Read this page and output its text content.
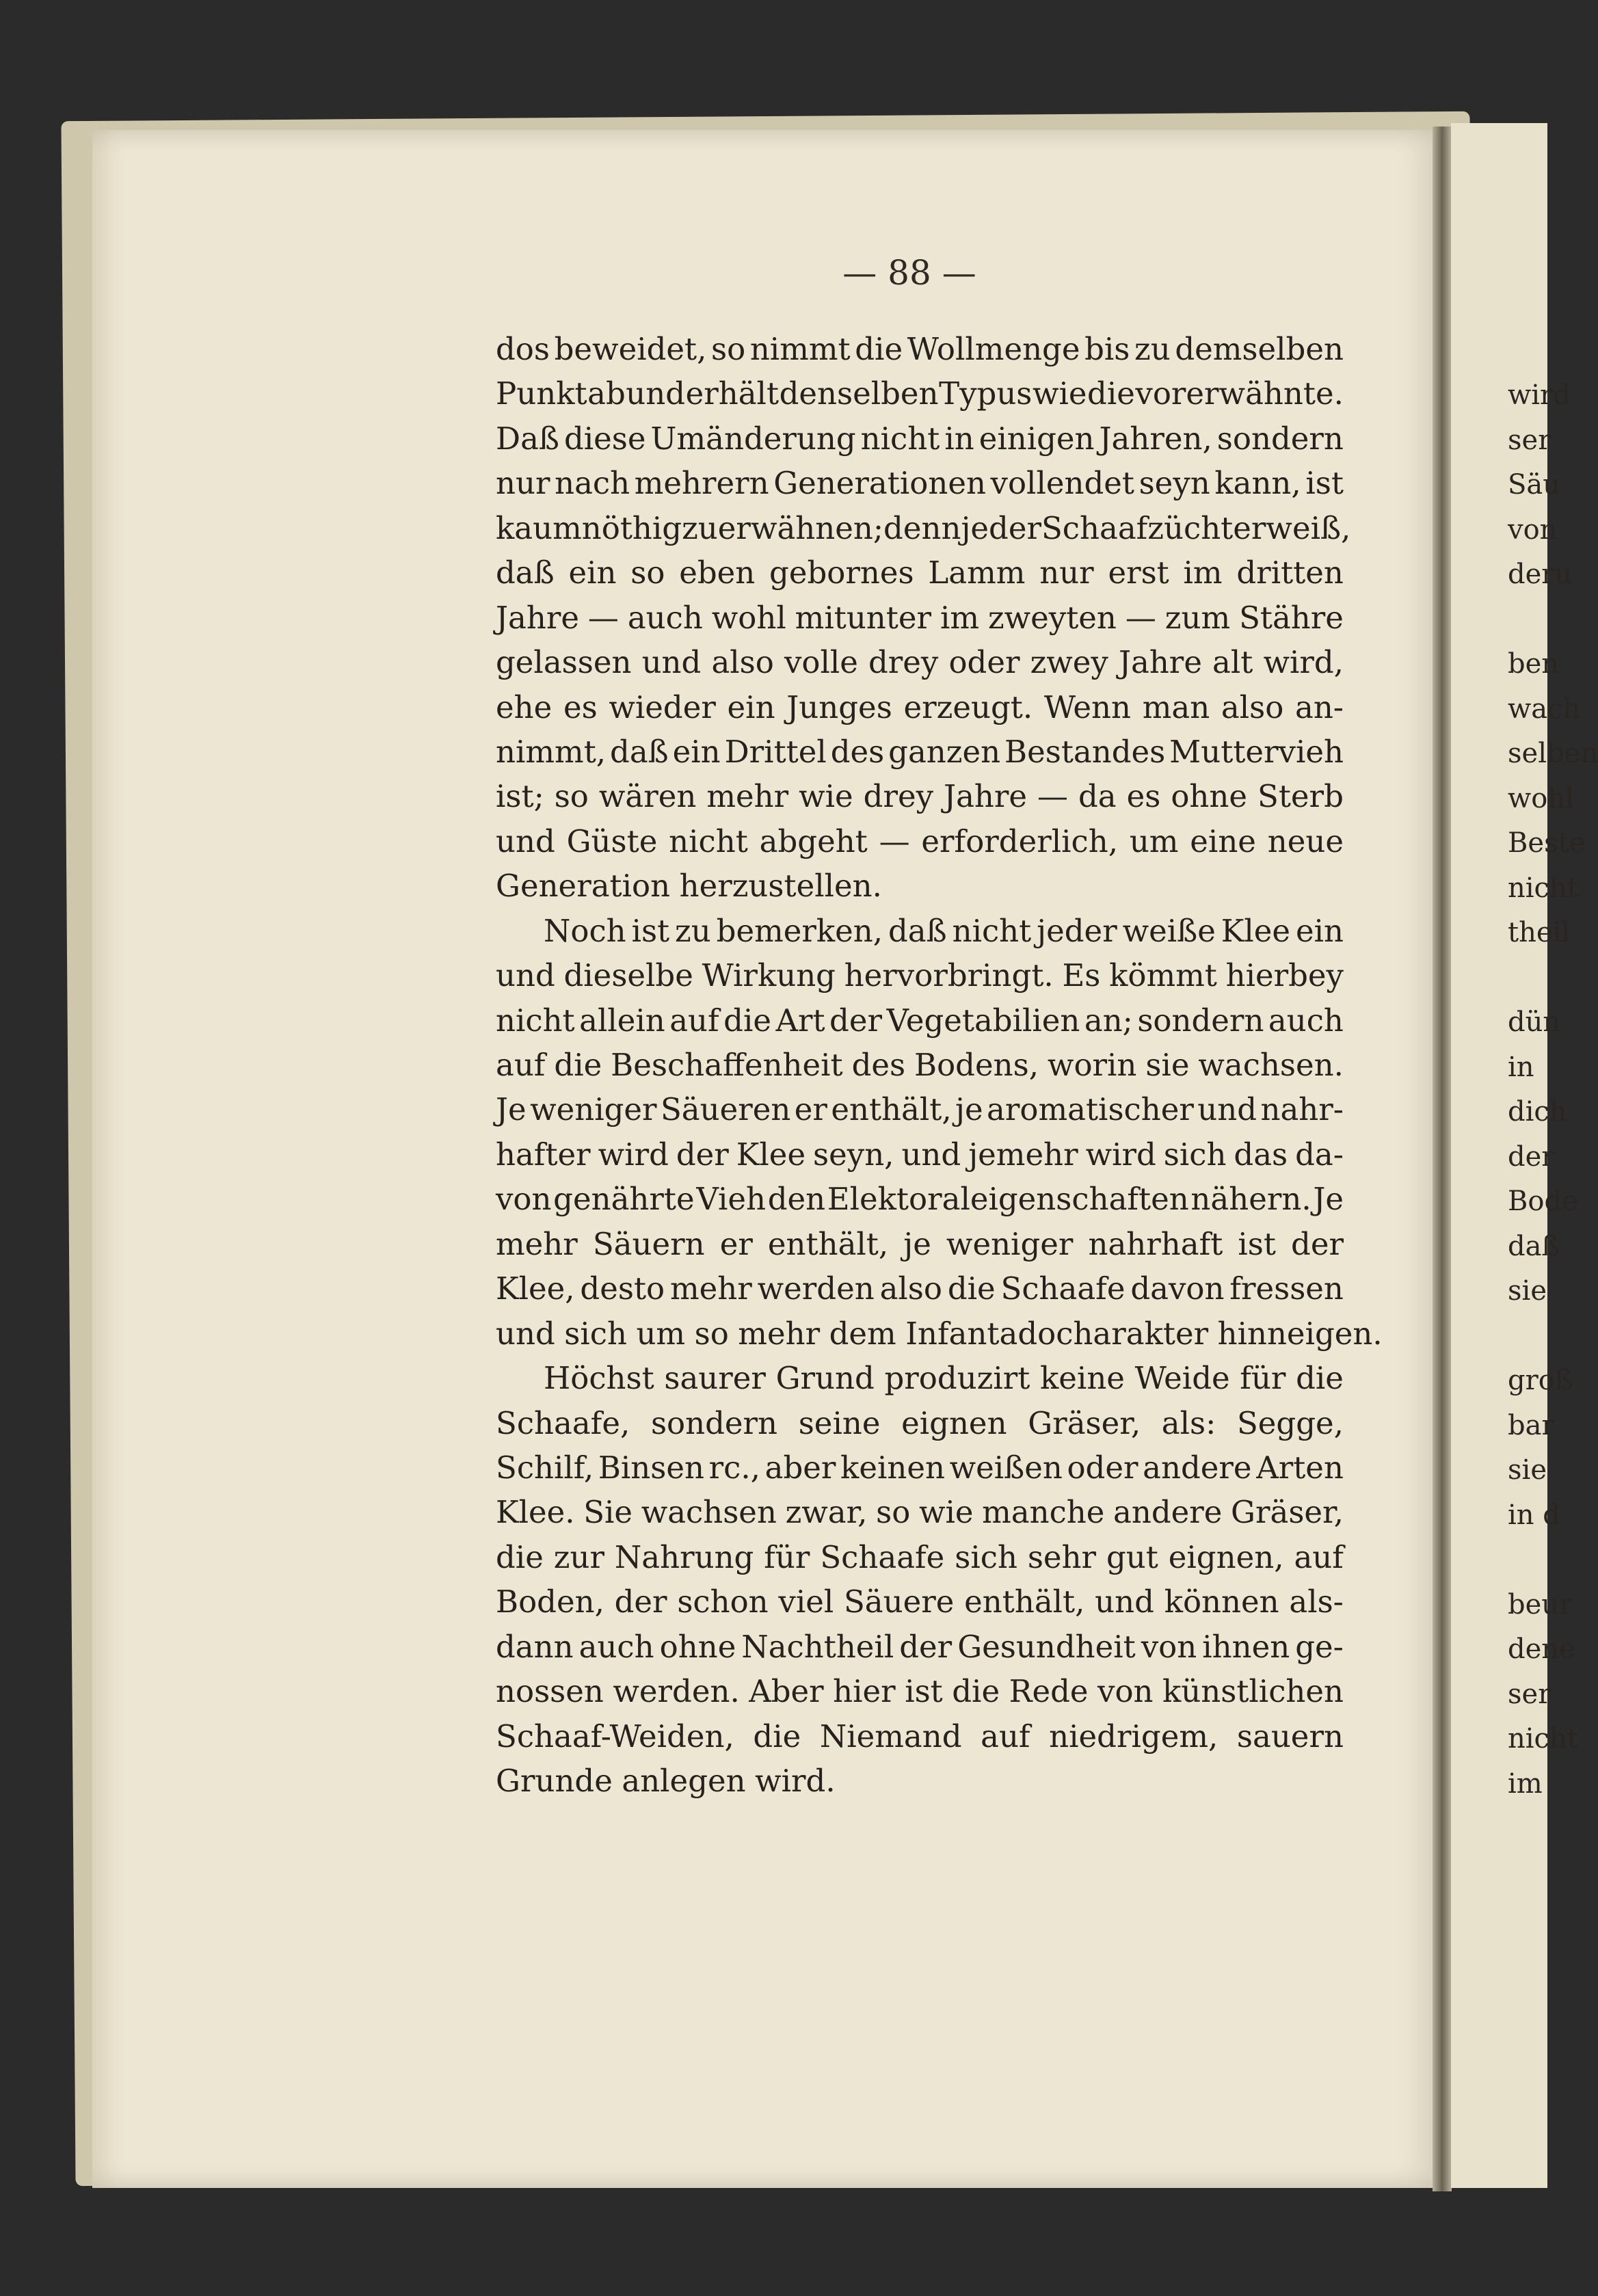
wird
ser
Säu
von
deru
ben
wach
selben
wohl
Beste
nicht
theil
dün
in
dich
der
Bode
daß
sie
groß
bar
sie
in d
beur
dene
ser
nicht
im
— 88 —
dos beweidet, so nimmt die Wollmenge bis zu demselben
Punkt ab und erhält denselben Typus wie die vorerwähnte.
Daß diese Umänderung nicht in einigen Jahren, sondern
nur nach mehrern Generationen vollendet seyn kann, ist
kaum nöthig zu erwähnen; denn jeder Schaafzüchter weiß,
daß ein so eben gebornes Lamm nur erst im dritten
Jahre — auch wohl mitunter im zweyten — zum Stähre
gelassen und also volle drey oder zwey Jahre alt wird,
ehe es wieder ein Junges erzeugt. Wenn man also an-
nimmt, daß ein Drittel des ganzen Bestandes Muttervieh
ist; so wären mehr wie drey Jahre — da es ohne Sterb
und Güste nicht abgeht — erforderlich, um eine neue
Generation herzustellen.
Noch ist zu bemerken, daß nicht jeder weiße Klee ein
und dieselbe Wirkung hervorbringt. Es kömmt hierbey
nicht allein auf die Art der Vegetabilien an; sondern auch
auf die Beschaffenheit des Bodens, worin sie wachsen.
Je weniger Säueren er enthält, je aromatischer und nahr-
hafter wird der Klee seyn, und jemehr wird sich das da-
von genährte Vieh den Elektoraleigenschaften nähern. Je
mehr Säuern er enthält, je weniger nahrhaft ist der
Klee, desto mehr werden also die Schaafe davon fressen
und sich um so mehr dem Infantadocharakter hinneigen.
Höchst saurer Grund produzirt keine Weide für die
Schaafe, sondern seine eignen Gräser, als: Segge,
Schilf, Binsen rc., aber keinen weißen oder andere Arten
Klee. Sie wachsen zwar, so wie manche andere Gräser,
die zur Nahrung für Schaafe sich sehr gut eignen, auf
Boden, der schon viel Säuere enthält, und können als-
dann auch ohne Nachtheil der Gesundheit von ihnen ge-
nossen werden. Aber hier ist die Rede von künstlichen
Schaaf-Weiden, die Niemand auf niedrigem, sauern
Grunde anlegen wird.
